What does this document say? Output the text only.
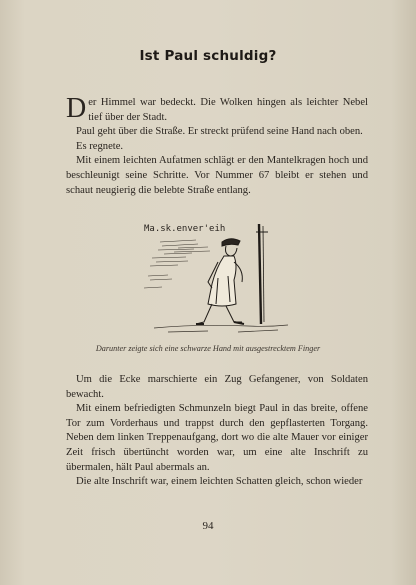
Ist Paul schuldig?

Der Himmel war bedeckt. Die Wolken hingen als leichter Nebel tief über der Stadt.

Paul geht über die Straße. Er streckt prüfend seine Hand nach oben.

Es regnete.

Mit einem leichten Aufatmen schlägt er den Mantelkragen hoch und beschleunigt seine Schritte. Vor Nummer 67 bleibt er stehen und schaut neugierig die belebte Straße entlang.

Ma.sk.enver'eih
Darunter zeigte sich eine schwarze Hand mit ausgestrecktem Finger

Um die Ecke marschierte ein Zug Gefangener, von Soldaten bewacht.

Mit einem befriedigten Schmunzeln biegt Paul in das breite, offene Tor zum Vorderhaus und trappst durch den gepflasterten Torgang. Neben dem linken Treppenaufgang, dort wo die alte Mauer vor einiger Zeit frisch übertüncht worden war, um eine alte Inschrift zu übermalen, hält Paul abermals an.

Die alte Inschrift war, einem leichten Schatten gleich, schon wieder

94
